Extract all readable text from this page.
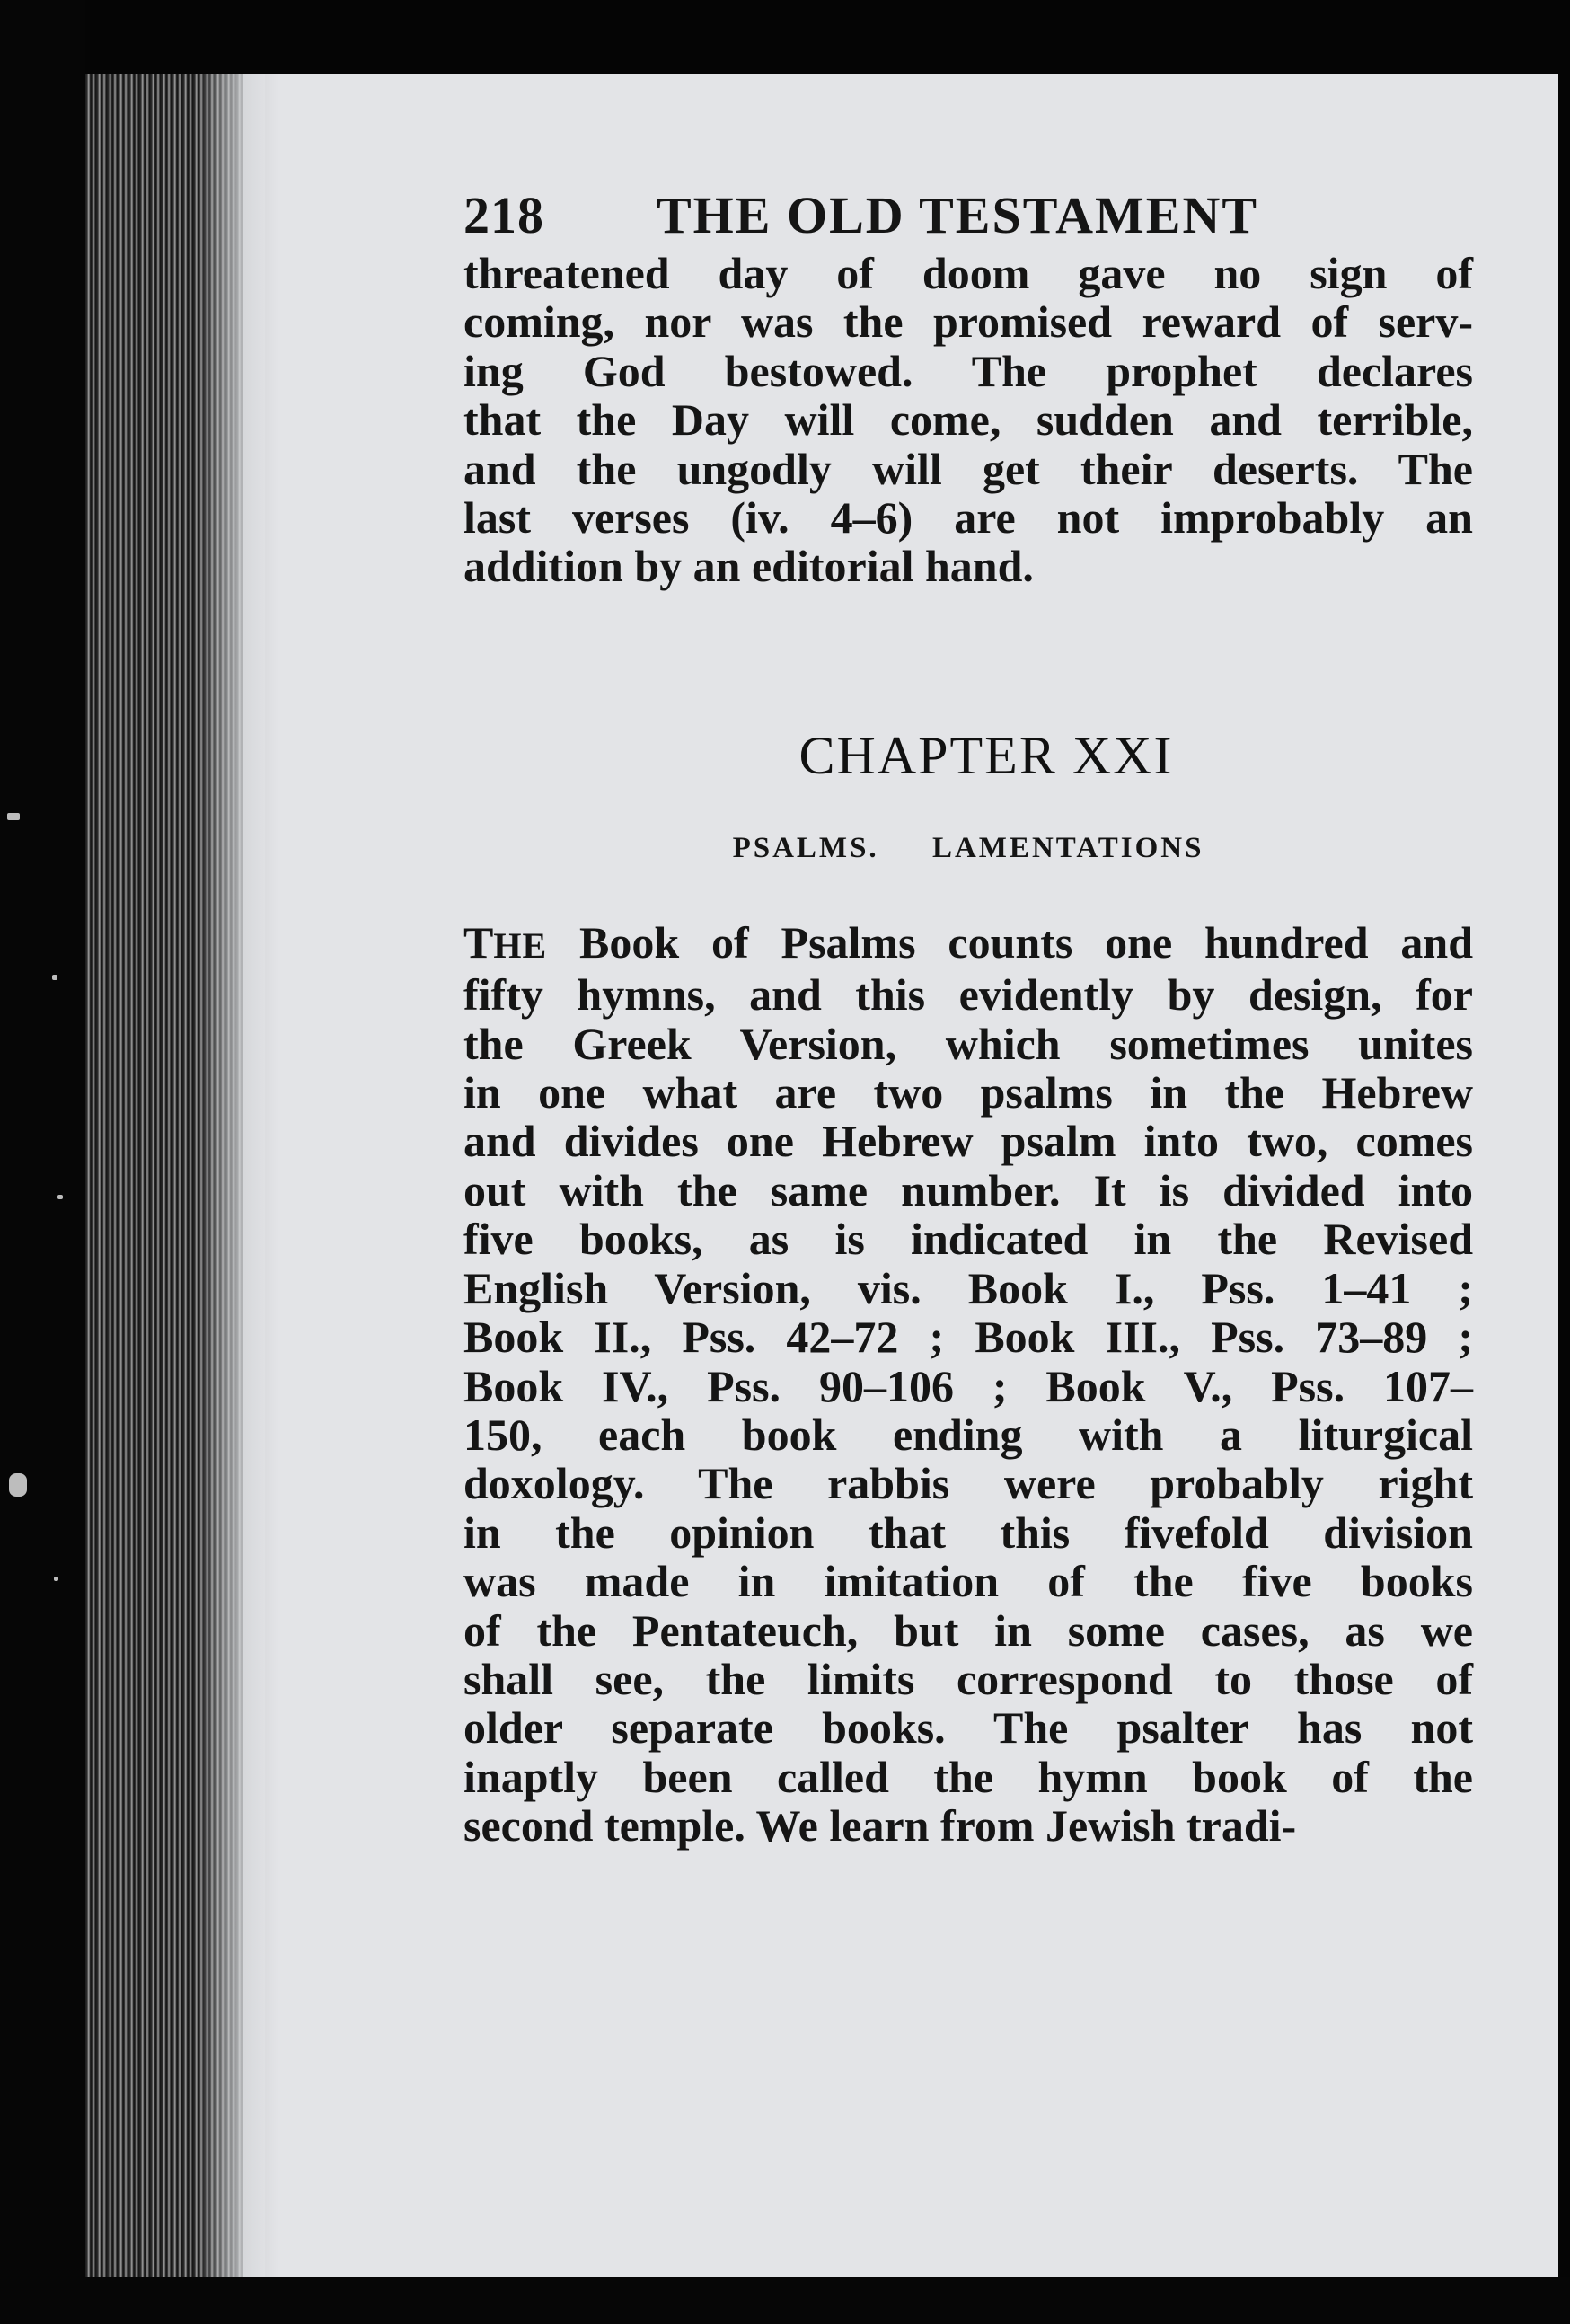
218	THE OLD TESTAMENT
threatened day of doom gave no sign of
coming, nor was the promised reward of serv-
ing God bestowed. The prophet declares
that the Day will come, sudden and terrible,
and the ungodly will get their deserts. The
last verses (iv. 4–6) are not improbably an
addition by an editorial hand.
CHAPTER XXI
PSALMS. LAMENTATIONS
THE Book of Psalms counts one hundred and
fifty hymns, and this evidently by design, for
the Greek Version, which sometimes unites
in one what are two psalms in the Hebrew
and divides one Hebrew psalm into two, comes
out with the same number. It is divided into
five books, as is indicated in the Revised
English Version, vis. Book I., Pss. 1–41 ;
Book II., Pss. 42–72 ; Book III., Pss. 73–89 ;
Book IV., Pss. 90–106 ; Book V., Pss. 107–
150, each book ending with a liturgical
doxology. The rabbis were probably right
in the opinion that this fivefold division
was made in imitation of the five books
of the Pentateuch, but in some cases, as we
shall see, the limits correspond to those of
older separate books. The psalter has not
inaptly been called the hymn book of the
second temple. We learn from Jewish tradi-
